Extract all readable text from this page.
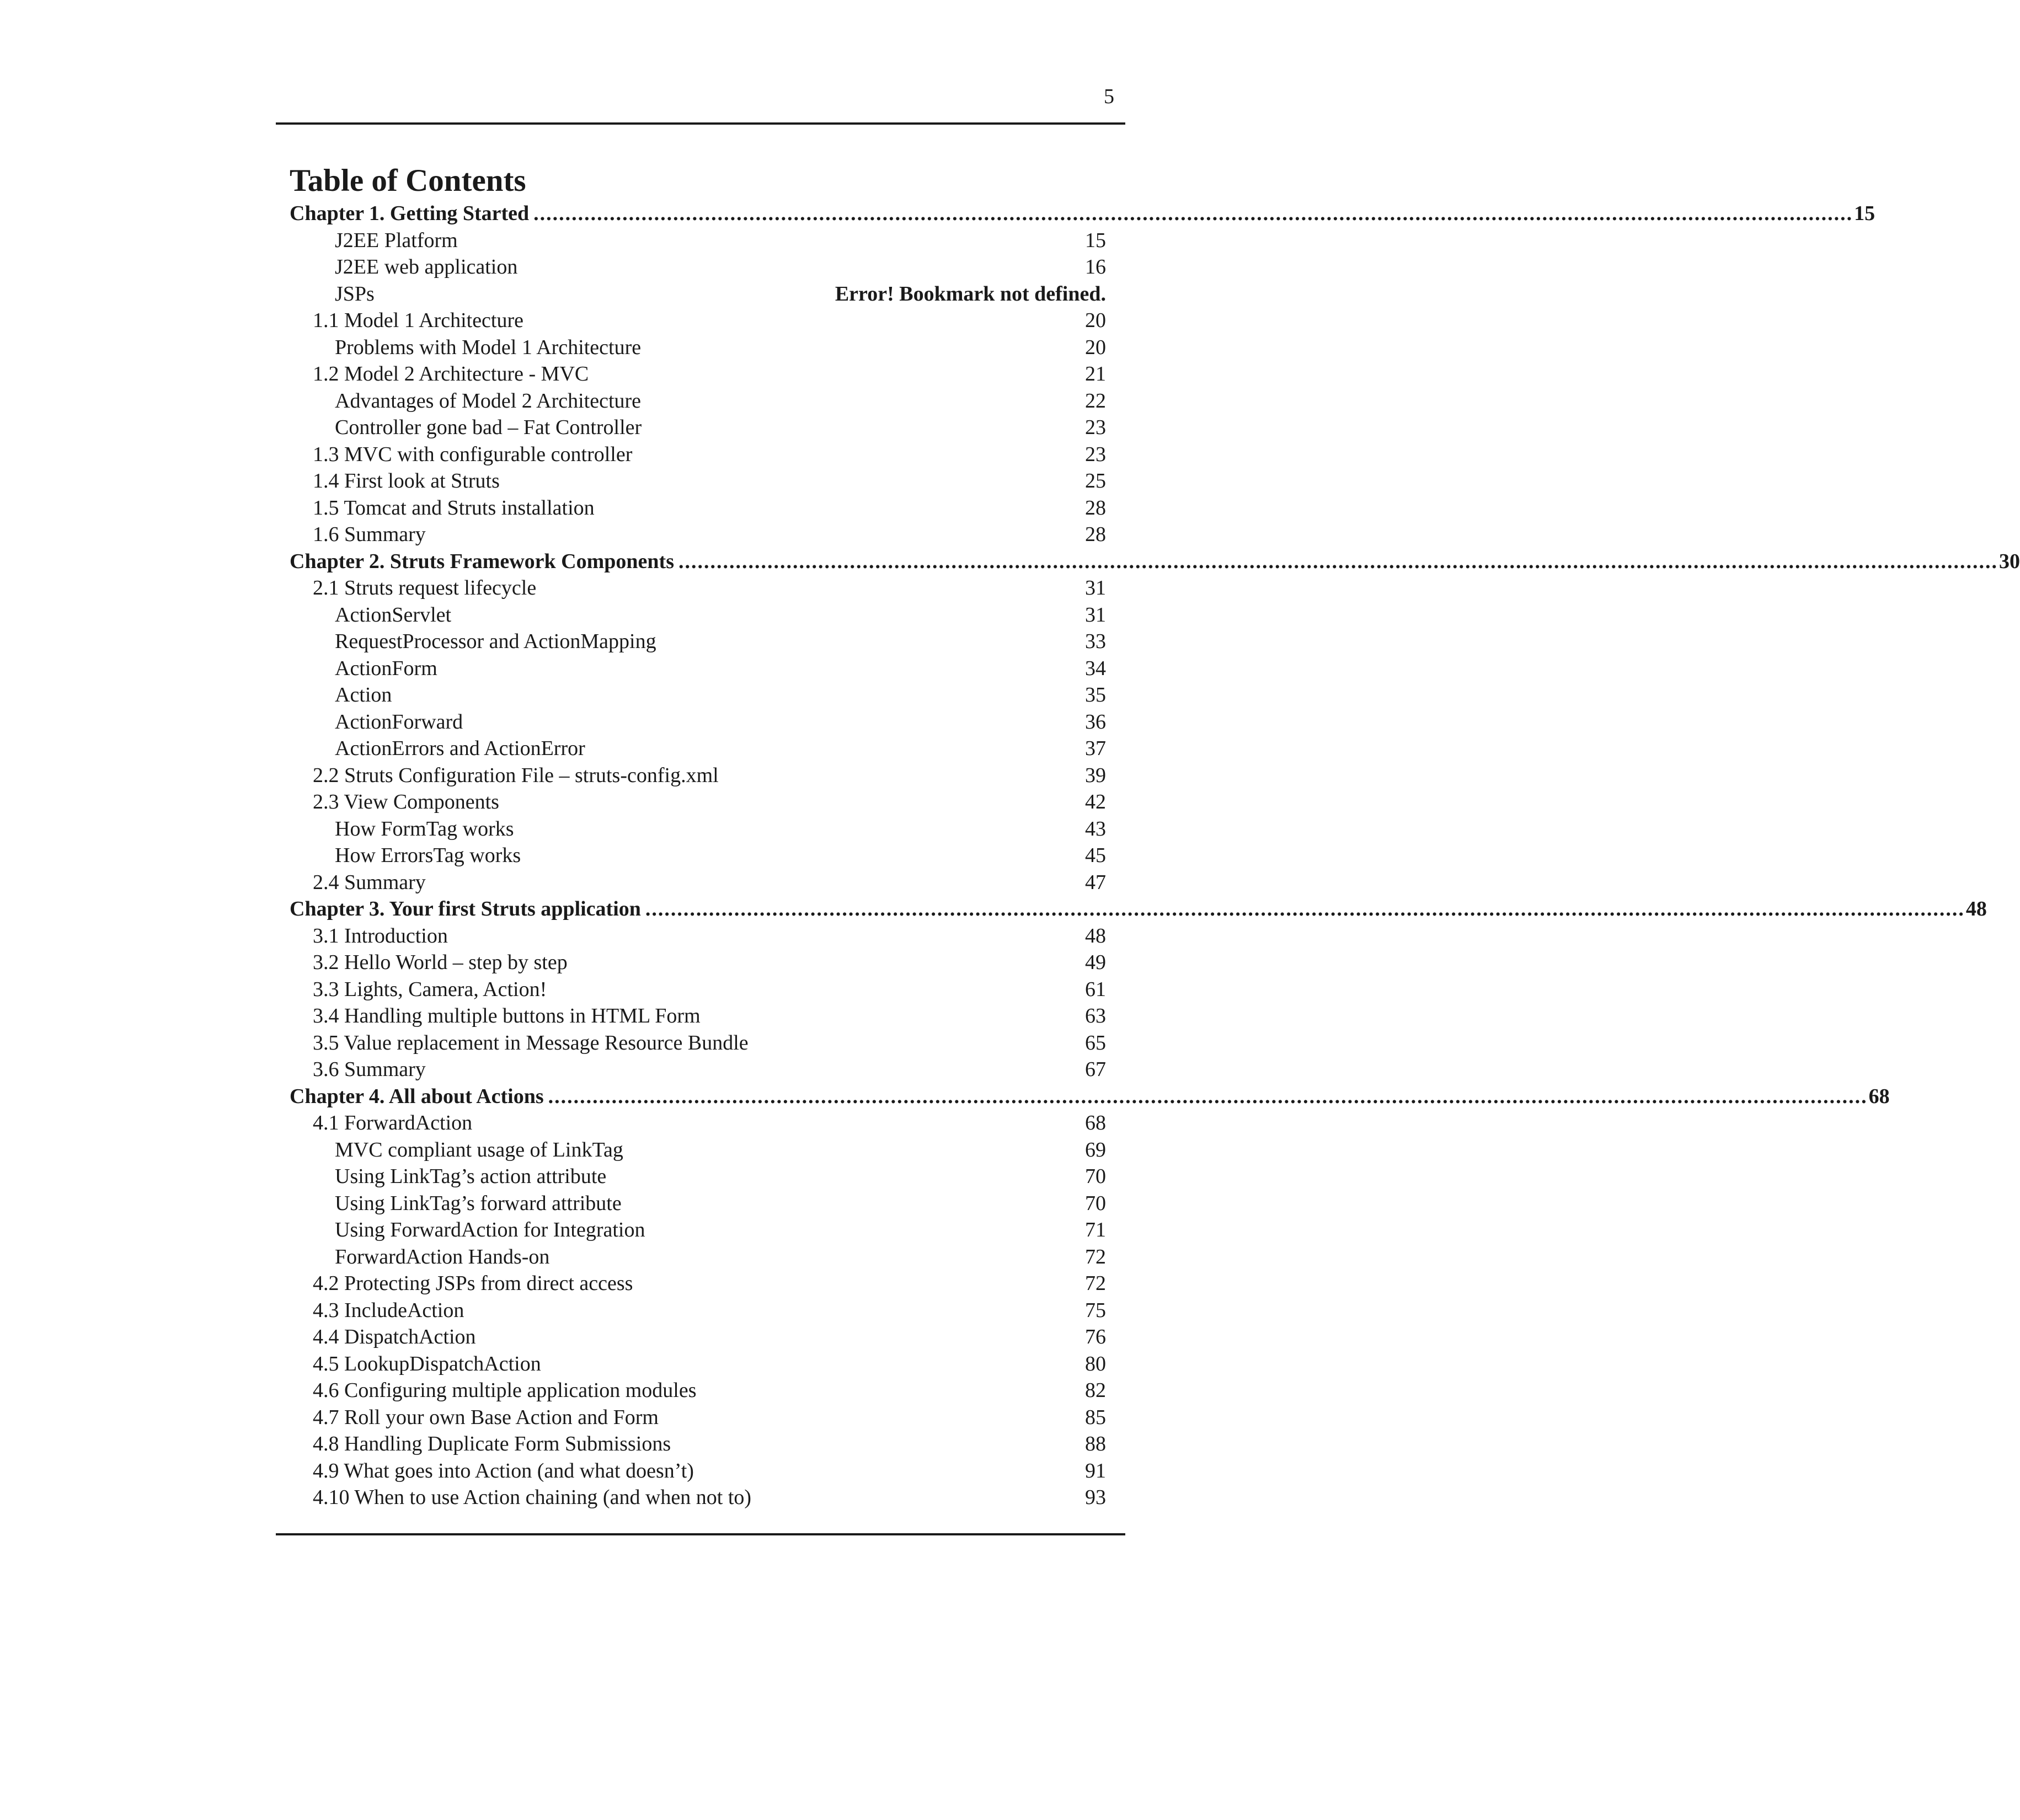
5
Table of Contents
Chapter 1. Getting Started ................................................................................................................................................................................................................ 15
J2EE Platform	15
J2EE web application	16
JSPs	Error! Bookmark not defined.
1.1 Model 1 Architecture	20
Problems with Model 1 Architecture	20
1.2 Model 2 Architecture - MVC	21
Advantages of Model 2 Architecture	22
Controller gone bad – Fat Controller	23
1.3 MVC with configurable controller	23
1.4 First look at Struts	25
1.5 Tomcat and Struts installation	28
1.6 Summary	28
Chapter 2. Struts Framework Components ................................................................................................................................................................................................................ 30
2.1 Struts request lifecycle	31
ActionServlet	31
RequestProcessor and ActionMapping	33
ActionForm	34
Action	35
ActionForward	36
ActionErrors and ActionError	37
2.2 Struts Configuration File – struts-config.xml	39
2.3 View Components	42
How FormTag works	43
How ErrorsTag works	45
2.4 Summary	47
Chapter 3. Your first Struts application ................................................................................................................................................................................................................ 48
3.1 Introduction	48
3.2 Hello World – step by step	49
3.3 Lights, Camera, Action!	61
3.4 Handling multiple buttons in HTML Form	63
3.5 Value replacement in Message Resource Bundle	65
3.6 Summary	67
Chapter 4. All about Actions ................................................................................................................................................................................................................ 68
4.1 ForwardAction	68
MVC compliant usage of LinkTag	69
Using LinkTag’s action attribute	70
Using LinkTag’s forward attribute	70
Using ForwardAction for Integration	71
ForwardAction Hands-on	72
4.2 Protecting JSPs from direct access	72
4.3 IncludeAction	75
4.4 DispatchAction	76
4.5 LookupDispatchAction	80
4.6 Configuring multiple application modules	82
4.7 Roll your own Base Action and Form	85
4.8 Handling Duplicate Form Submissions	88
4.9 What goes into Action (and what doesn’t)	91
4.10 When to use Action chaining (and when not to)	93
